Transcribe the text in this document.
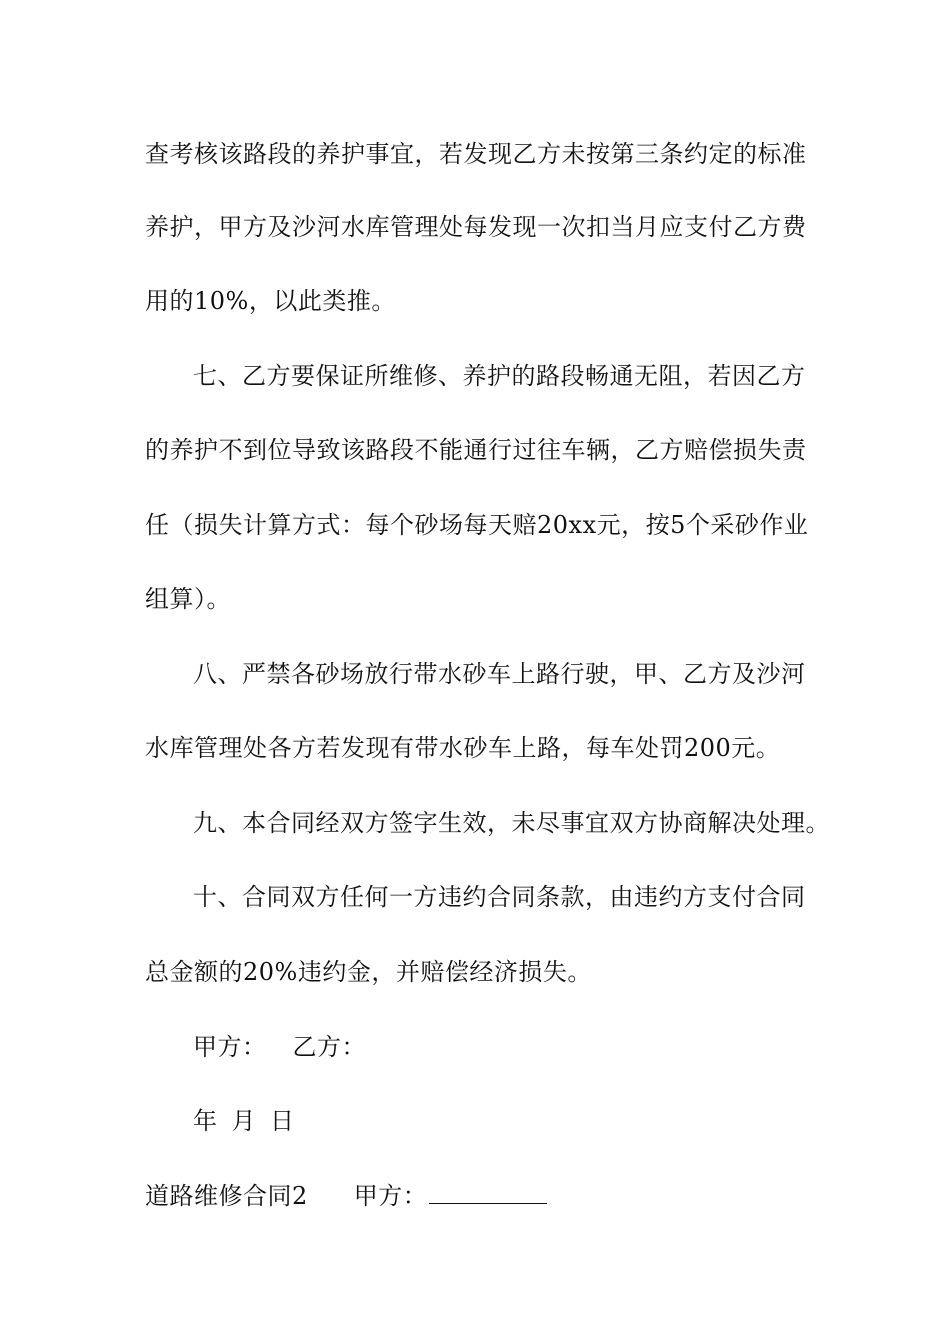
查考核该路段的养护事宜，若发现乙方未按第三条约定的标准
养护，甲方及沙河水库管理处每发现一次扣当月应支付乙方费
用的10%，以此类推。
七、乙方要保证所维修、养护的路段畅通无阻，若因乙方
的养护不到位导致该路段不能通行过往车辆，乙方赔偿损失责
任（损失计算方式：每个砂场每天赔20xx元，按5个采砂作业
组算）。
八、严禁各砂场放行带水砂车上路行驶，甲、乙方及沙河
水库管理处各方若发现有带水砂车上路，每车处罚200元。
九、本合同经双方签字生效，未尽事宜双方协商解决处理。
十、合同双方任何一方违约合同条款，由违约方支付合同
总金额的20%违约金，并赔偿经济损失。
甲方： 乙方：
年 月 日
道路维修合同2 甲方：
